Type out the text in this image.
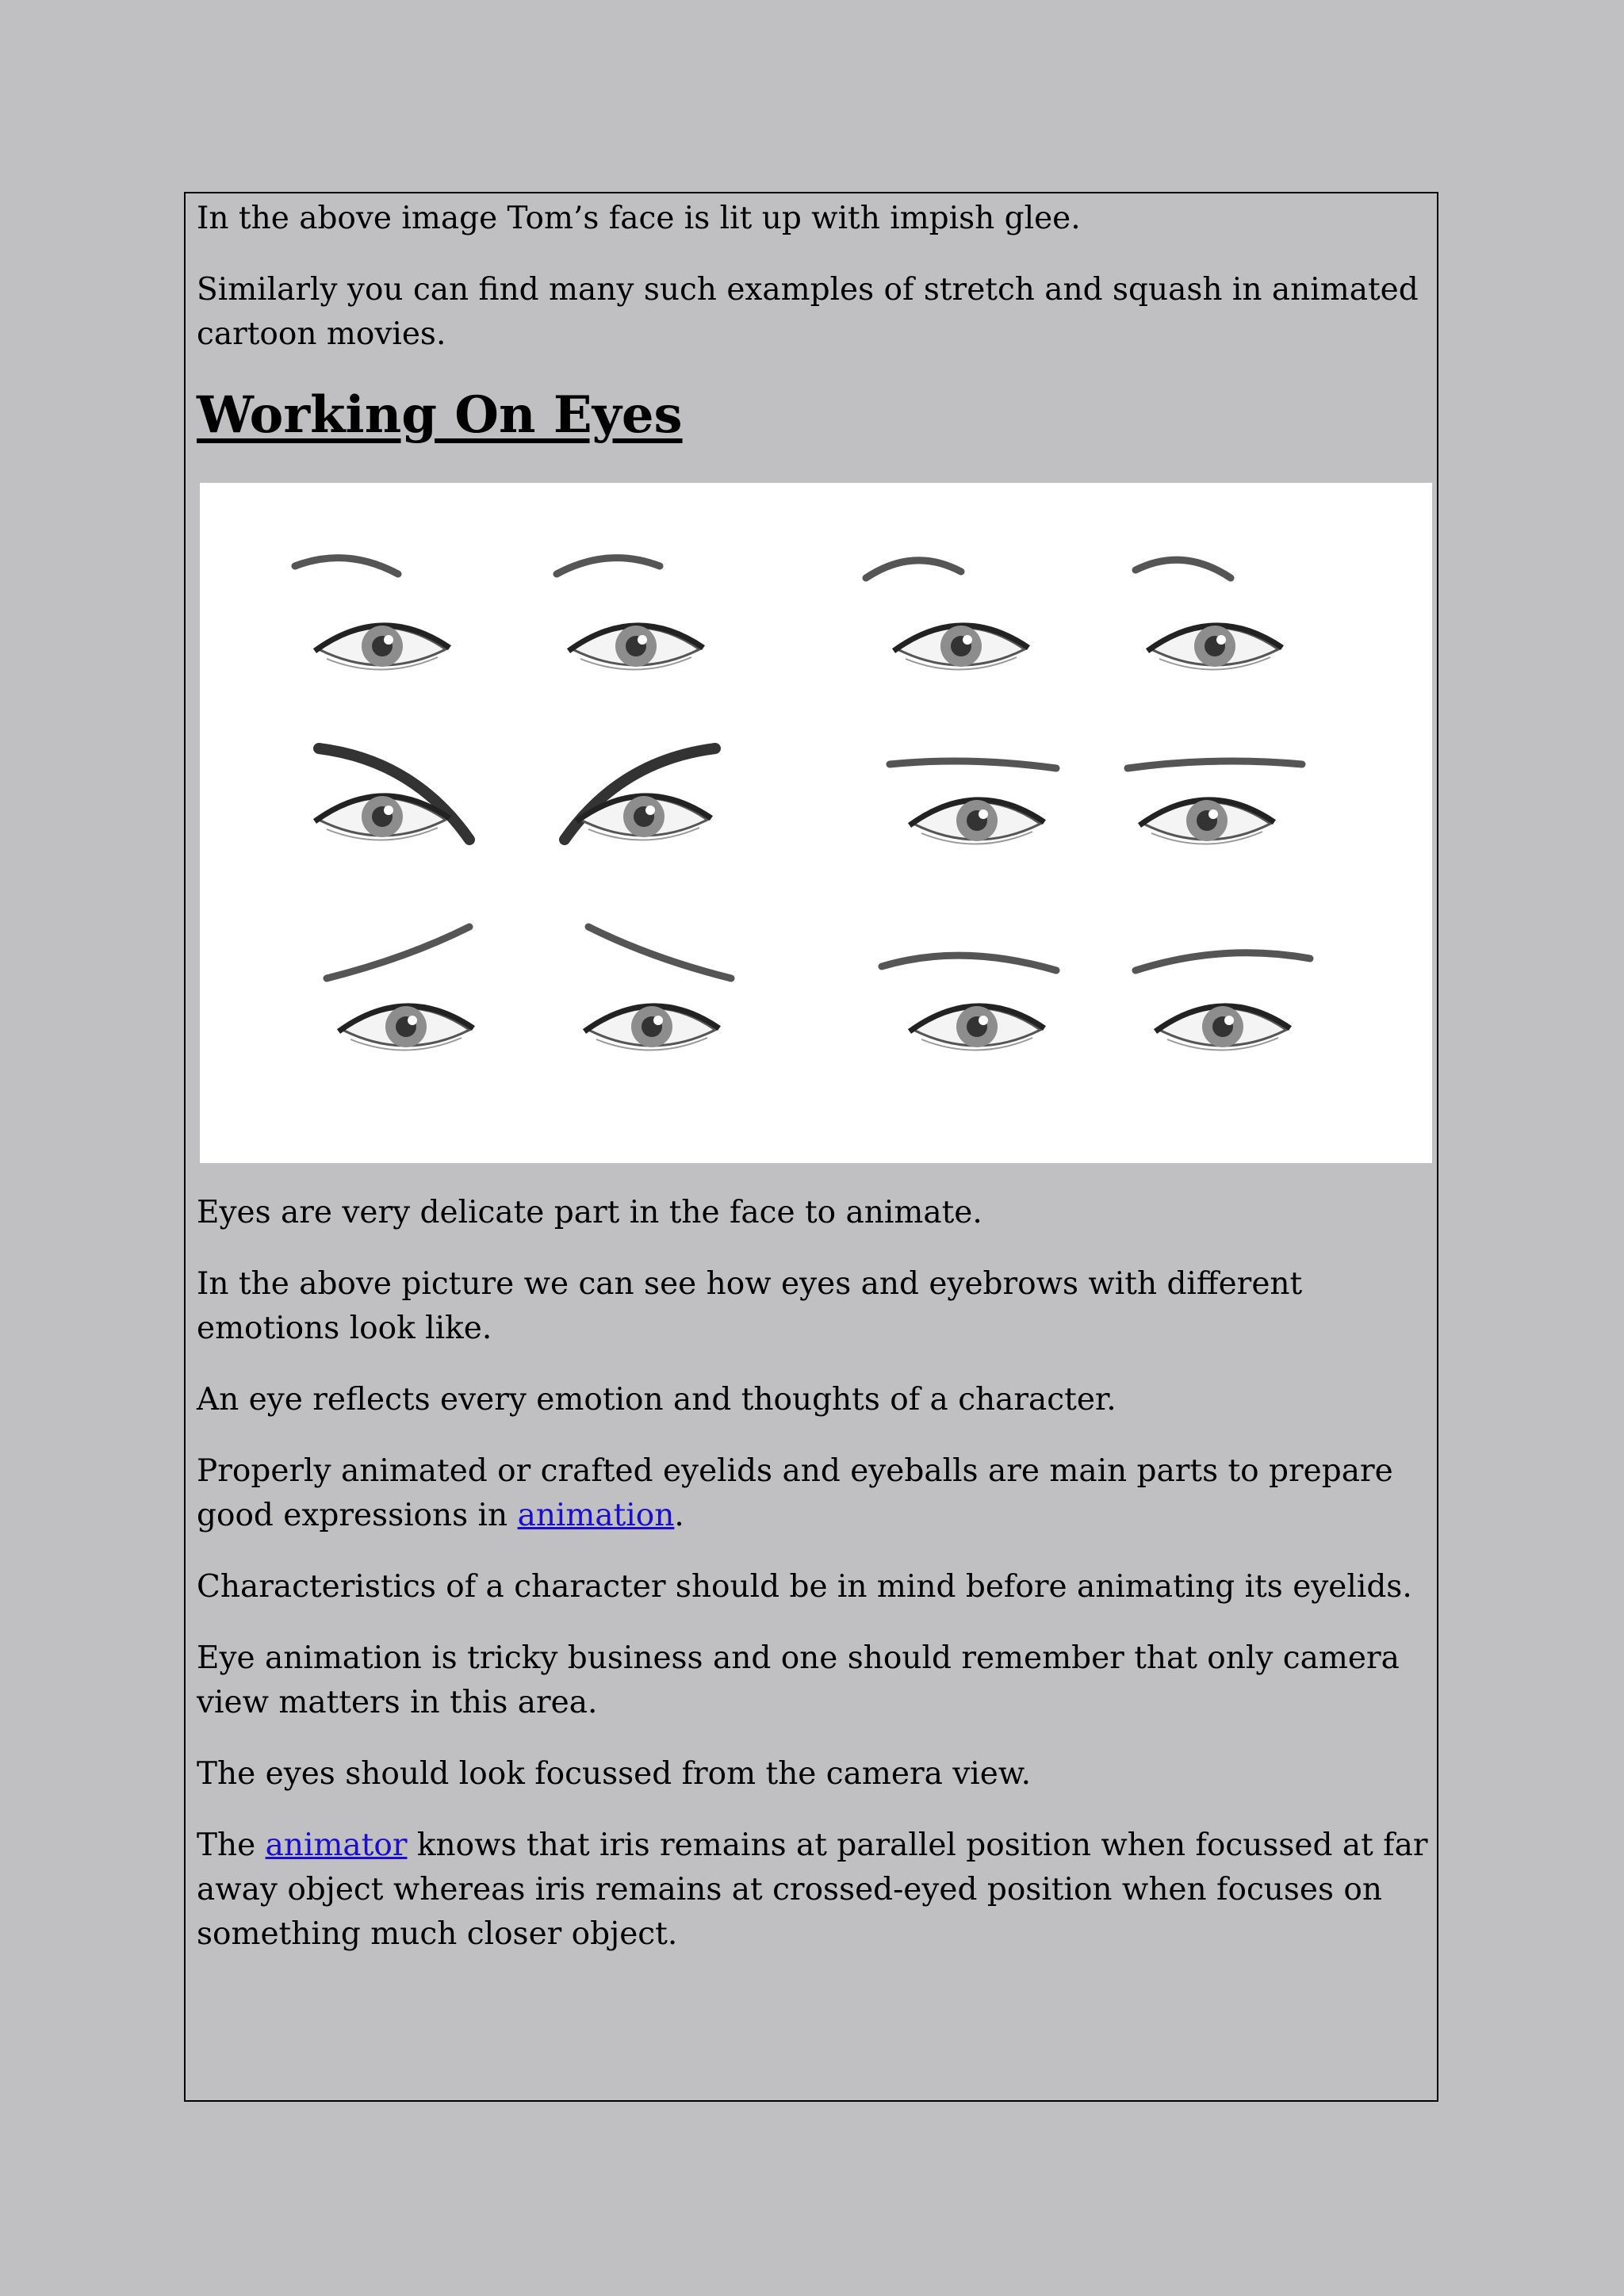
In the above image Tom’s face is lit up with impish glee.

Similarly you can find many such examples of stretch and squash in animated cartoon movies.

Working On Eyes

Eyes are very delicate part in the face to animate.

In the above picture we can see how eyes and eyebrows with different emotions look like.

An eye reflects every emotion and thoughts of a character.

Properly animated or crafted eyelids and eyeballs are main parts to prepare good expressions in animation.

Characteristics of a character should be in mind before animating its eyelids.

Eye animation is tricky business and one should remember that only camera view matters in this area.

The eyes should look focussed from the camera view.

The animator knows that iris remains at parallel position when focussed at far away object whereas iris remains at crossed-eyed position when focuses on something much closer object.
